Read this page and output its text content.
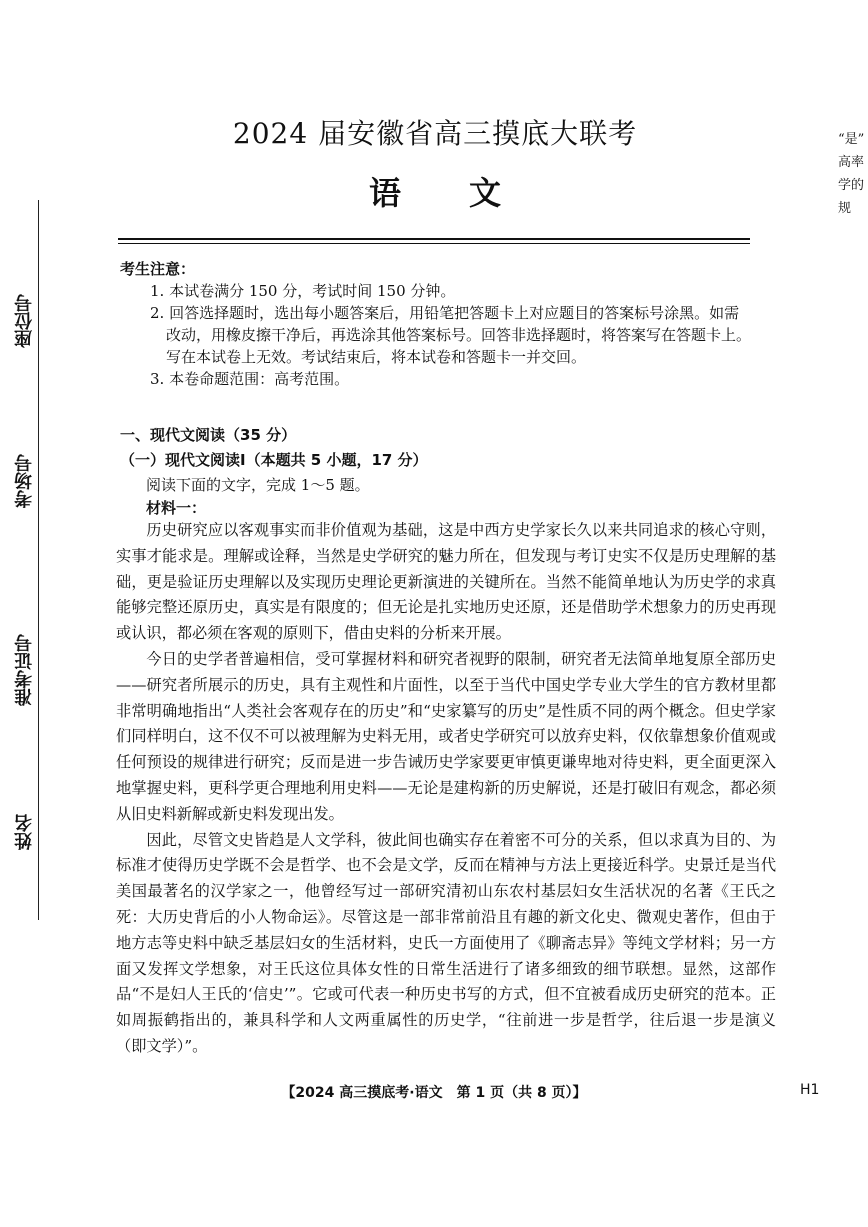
座位号
考场号
准考证号
姓名
“是”
高率
学的
规
2024 届安徽省高三摸底大联考
语 文
考生注意：
1. 本试卷满分 150 分，考试时间 150 分钟。
2. 回答选择题时，选出每小题答案后，用铅笔把答题卡上对应题目的答案标号涂黑。如需
改动，用橡皮擦干净后，再选涂其他答案标号。回答非选择题时，将答案写在答题卡上。
写在本试卷上无效。考试结束后，将本试卷和答题卡一并交回。
3. 本卷命题范围：高考范围。
一、现代文阅读（35 分）
（一）现代文阅读Ⅰ（本题共 5 小题，17 分）
阅读下面的文字，完成 1～5 题。
材料一：

历史研究应以客观事实而非价值观为基础，这是中西方史学家长久以来共同追求的核心守则，实事才能求是。理解或诠释，当然是史学研究的魅力所在，但发现与考订史实不仅是历史理解的基础，更是验证历史理解以及实现历史理论更新演进的关键所在。当然不能简单地认为历史学的求真能够完整还原历史，真实是有限度的；但无论是扎实地历史还原，还是借助学术想象力的历史再现或认识，都必须在客观的原则下，借由史料的分析来开展。

今日的史学者普遍相信，受可掌握材料和研究者视野的限制，研究者无法简单地复原全部历史——研究者所展示的历史，具有主观性和片面性，以至于当代中国史学专业大学生的官方教材里都非常明确地指出“人类社会客观存在的历史”和“史家纂写的历史”是性质不同的两个概念。但史学家们同样明白，这不仅不可以被理解为史料无用，或者史学研究可以放弃史料，仅依靠想象价值观或任何预设的规律进行研究；反而是进一步告诫历史学家要更审慎更谦卑地对待史料，更全面更深入地掌握史料，更科学更合理地利用史料——无论是建构新的历史解说，还是打破旧有观念，都必须从旧史料新解或新史料发现出发。

因此，尽管文史皆趋是人文学科，彼此间也确实存在着密不可分的关系，但以求真为目的、为标准才使得历史学既不会是哲学、也不会是文学，反而在精神与方法上更接近科学。史景迁是当代美国最著名的汉学家之一，他曾经写过一部研究清初山东农村基层妇女生活状况的名著《王氏之死：大历史背后的小人物命运》。尽管这是一部非常前沿且有趣的新文化史、微观史著作，但由于地方志等史料中缺乏基层妇女的生活材料，史氏一方面使用了《聊斋志异》等纯文学材料；另一方面又发挥文学想象，对王氏这位具体女性的日常生活进行了诸多细致的细节联想。显然，这部作品“不是妇人王氏的‘信史’”。它或可代表一种历史书写的方式，但不宜被看成历史研究的范本。正如周振鹤指出的，兼具科学和人文两重属性的历史学，“往前进一步是哲学，往后退一步是演义（即文学）”。

【2024 高三摸底考·语文　第 1 页（共 8 页）】	H1
